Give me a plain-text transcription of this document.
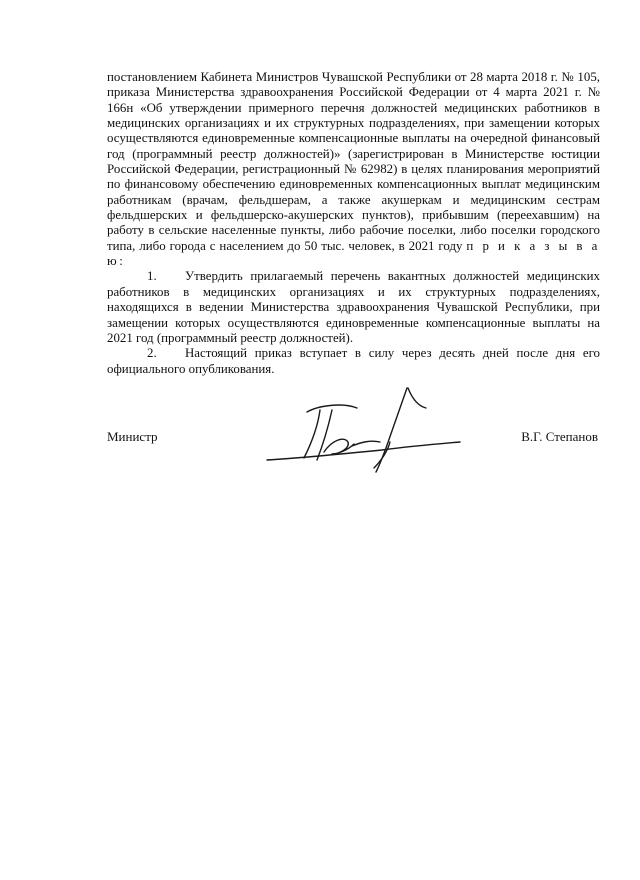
постановлением Кабинета Министров Чувашской Республики от 28 марта 2018 г. № 105, приказа Министерства здравоохранения Российской Федерации от 4 марта 2021 г. № 166н «Об утверждении примерного перечня должностей медицинских работников в медицинских организациях и их структурных подразделениях, при замещении которых осуществляются единовременные компенсационные выплаты на очередной финансовый год (программный реестр должностей)» (зарегистрирован в Министерстве юстиции Российской Федерации, регистрационный № 62982) в целях планирования мероприятий по финансовому обеспечению единовременных компенсационных выплат медицинским работникам (врачам, фельдшерам, а также акушеркам и медицинским сестрам фельдшерских и фельдшерско-акушерских пунктов), прибывшим (переехавшим) на работу в сельские населенные пункты, либо рабочие поселки, либо поселки городского типа, либо города с населением до 50 тыс. человек, в 2021 году п р и к а з ы в а ю:

1. Утвердить прилагаемый перечень вакантных должностей медицинских работников в медицинских организациях и их структурных подразделениях, находящихся в ведении Министерства здравоохранения Чувашской Республики, при замещении которых осуществляются единовременные компенсационные выплаты на 2021 год (программный реестр должностей).

2. Настоящий приказ вступает в силу через десять дней после дня его официального опубликования.

Министр	В.Г. Степанов
